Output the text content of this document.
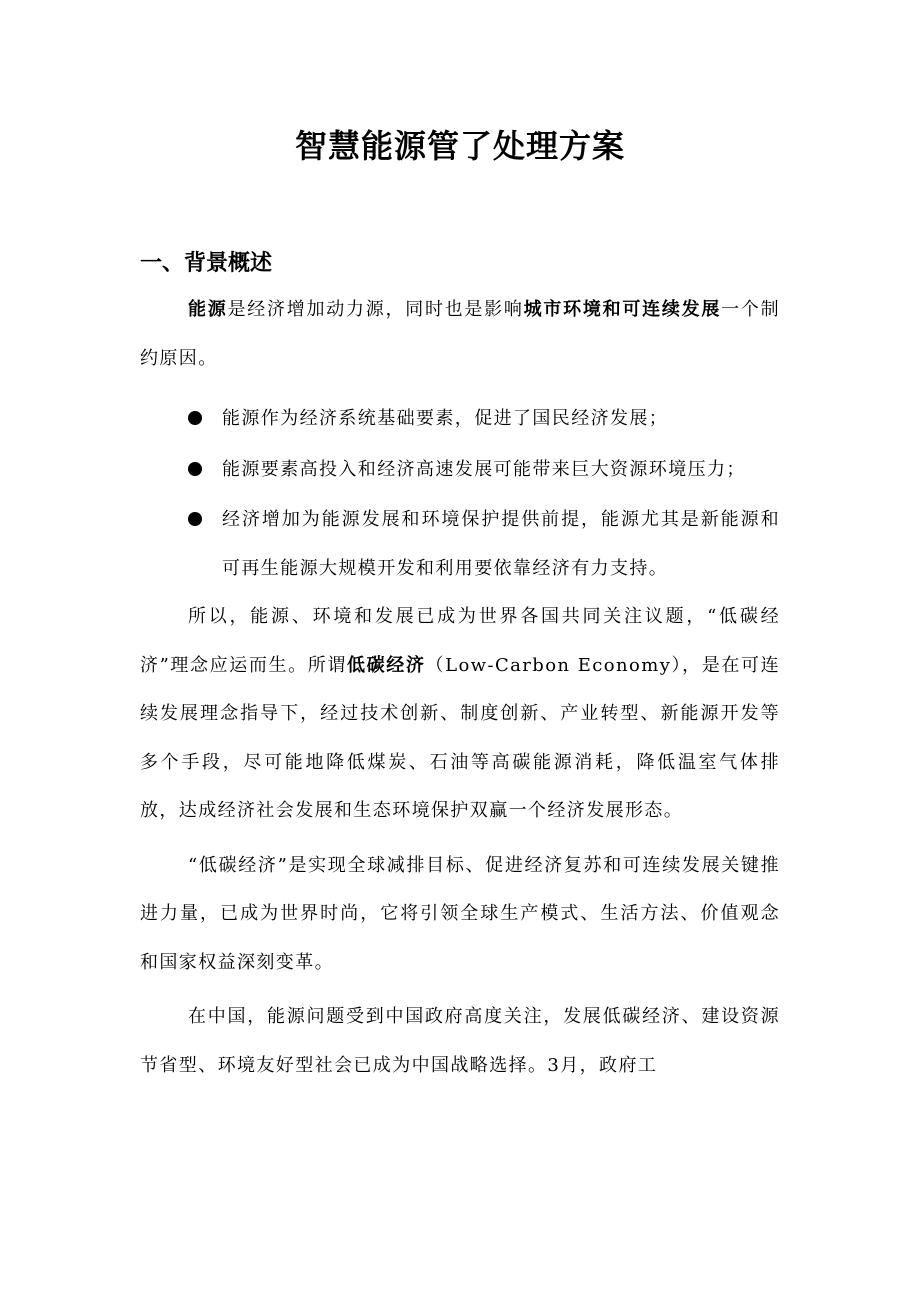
智慧能源管了处理方案
一、背景概述

能源是经济增加动力源，同时也是影响城市环境和可连续发展一个制约原因。

能源作为经济系统基础要素，促进了国民经济发展；
能源要素高投入和经济高速发展可能带来巨大资源环境压力；
经济增加为能源发展和环境保护提供前提，能源尤其是新能源和可再生能源大规模开发和利用要依靠经济有力支持。

所以，能源、环境和发展已成为世界各国共同关注议题，“低碳经济”理念应运而生。所谓低碳经济（Low-Carbon Economy），是在可连续发展理念指导下，经过技术创新、制度创新、产业转型、新能源开发等多个手段，尽可能地降低煤炭、石油等高碳能源消耗，降低温室气体排放，达成经济社会发展和生态环境保护双赢一个经济发展形态。

“低碳经济”是实现全球减排目标、促进经济复苏和可连续发展关键推进力量，已成为世界时尚，它将引领全球生产模式、生活方法、价值观念和国家权益深刻变革。

在中国，能源问题受到中国政府高度关注，发展低碳经济、建设资源节省型、环境友好型社会已成为中国战略选择。3月，政府工
